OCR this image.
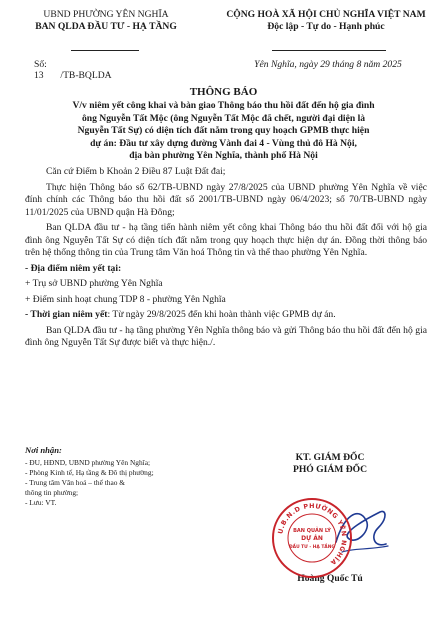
UBND PHƯỜNG YÊN NGHĨA
BAN QLDA ĐẦU TƯ - HẠ TẦNG
CỘNG HOÀ XÃ HỘI CHỦ NGHĨA VIỆT NAM
Độc lập - Tự do - Hạnh phúc
Số: 13 /TB-BQLDA
Yên Nghĩa, ngày 29 tháng 8 năm 2025
THÔNG BÁO
V/v niêm yết công khai và bàn giao Thông báo thu hồi đất đến hộ gia đình
ông Nguyễn Tất Mộc (ông Nguyễn Tất Mộc đã chết, người đại diện là
Nguyễn Tất Sự) có diện tích đất nằm trong quy hoạch GPMB thực hiện
dự án: Đầu tư xây dựng đường Vành đai 4 - Vùng thủ đô Hà Nội,
địa bàn phường Yên Nghĩa, thành phố Hà Nội

Căn cứ Điểm b Khoản 2 Điều 87 Luật Đất đai;

Thực hiện Thông báo số 62/TB-UBND ngày 27/8/2025 của UBND phường Yên Nghĩa về việc đính chính các Thông báo thu hồi đất số 2001/TB-UBND ngày 06/4/2023; số 70/TB-UBND ngày 11/01/2025 của UBND quận Hà Đông;

Ban QLDA đầu tư - hạ tầng tiến hành niêm yết công khai Thông báo thu hồi đất đối với hộ gia đình ông Nguyễn Tất Sự có diện tích đất nằm trong quy hoạch thực hiện dự án. Đồng thời thông báo trên hệ thống thông tin của Trung tâm Văn hoá Thông tin và thể thao phường Yên Nghĩa.

- Địa điểm niêm yết tại:

+ Trụ sở UBND phường Yên Nghĩa

+ Điểm sinh hoạt chung TDP 8 - phường Yên Nghĩa

- Thời gian niêm yết: Từ ngày 29/8/2025 đến khi hoàn thành việc GPMB dự án.

Ban QLDA đầu tư - hạ tầng phường Yên Nghĩa thông báo và gửi Thông báo thu hồi đất đến hộ gia đình ông Nguyễn Tất Sự được biết và thực hiện./.

Nơi nhận:
- ĐU, HĐND, UBND phường Yên Nghĩa;
- Phòng Kinh tế, Hạ tầng & Đô thị phường;
- Trung tâm Văn hoá – thể thao &
thông tin phường;
- Lưu: VT.
KT. GIÁM ĐỐC
PHÓ GIÁM ĐỐC
Hoàng Quốc Tú
U.B.N.D PHƯỜNG YÊN NGHĨA
BAN QUẢN LÝ
DỰ ÁN
ĐẦU TƯ - HẠ TẦNG
